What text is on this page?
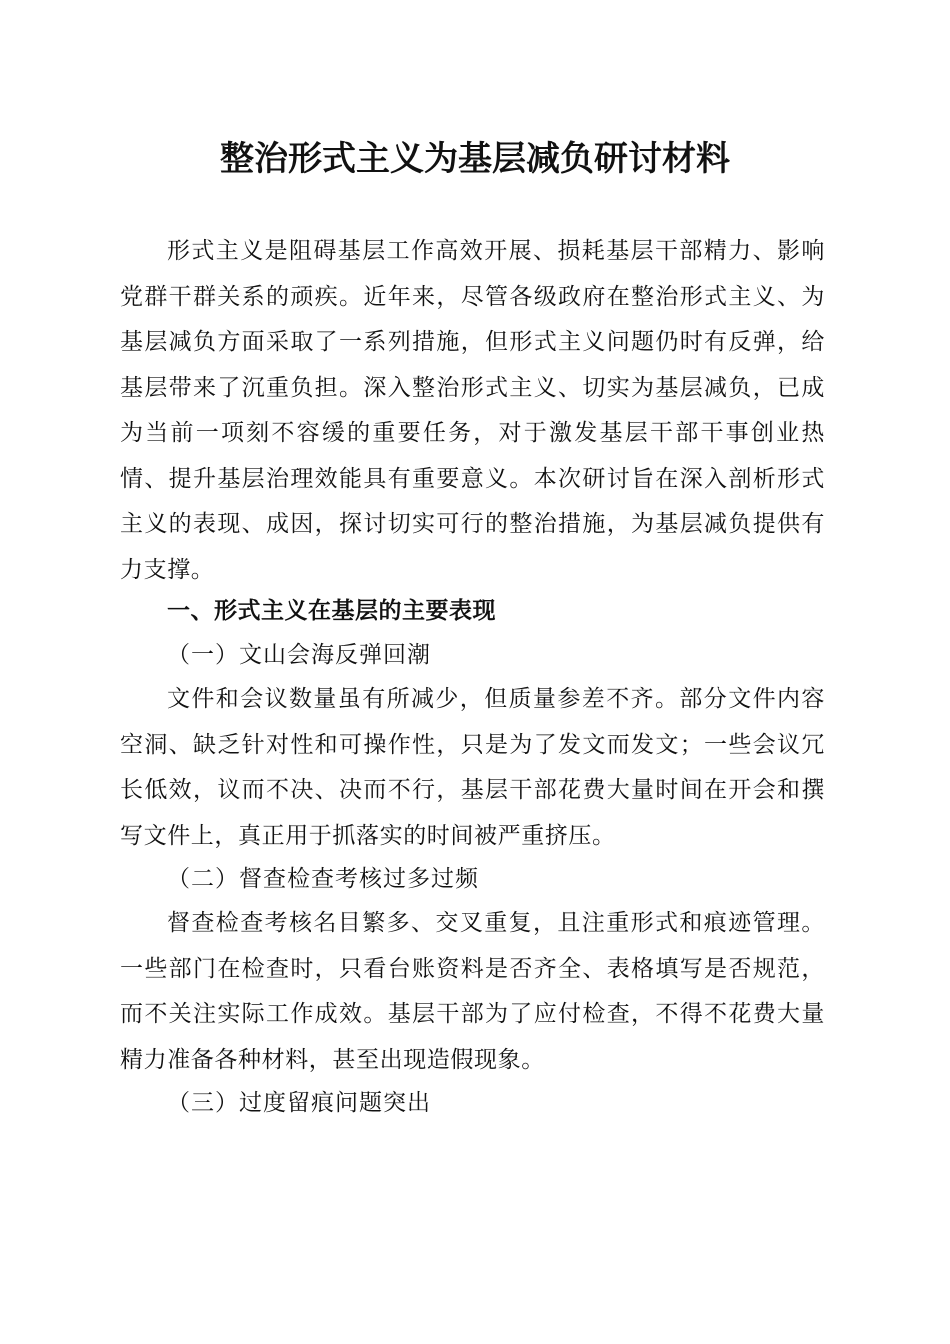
整治形式主义为基层减负研讨材料

形式主义是阻碍基层工作高效开展、损耗基层干部精力、影响党群干群关系的顽疾。近年来，尽管各级政府在整治形式主义、为基层减负方面采取了一系列措施，但形式主义问题仍时有反弹，给基层带来了沉重负担。深入整治形式主义、切实为基层减负，已成为当前一项刻不容缓的重要任务，对于激发基层干部干事创业热情、提升基层治理效能具有重要意义。本次研讨旨在深入剖析形式主义的表现、成因，探讨切实可行的整治措施，为基层减负提供有力支撑。

一、形式主义在基层的主要表现

（一）文山会海反弹回潮

文件和会议数量虽有所减少，但质量参差不齐。部分文件内容空洞、缺乏针对性和可操作性，只是为了发文而发文；一些会议冗长低效，议而不决、决而不行，基层干部花费大量时间在开会和撰写文件上，真正用于抓落实的时间被严重挤压。

（二）督查检查考核过多过频

督查检查考核名目繁多、交叉重复，且注重形式和痕迹管理。一些部门在检查时，只看台账资料是否齐全、表格填写是否规范，而不关注实际工作成效。基层干部为了应付检查，不得不花费大量精力准备各种材料，甚至出现造假现象。

（三）过度留痕问题突出
